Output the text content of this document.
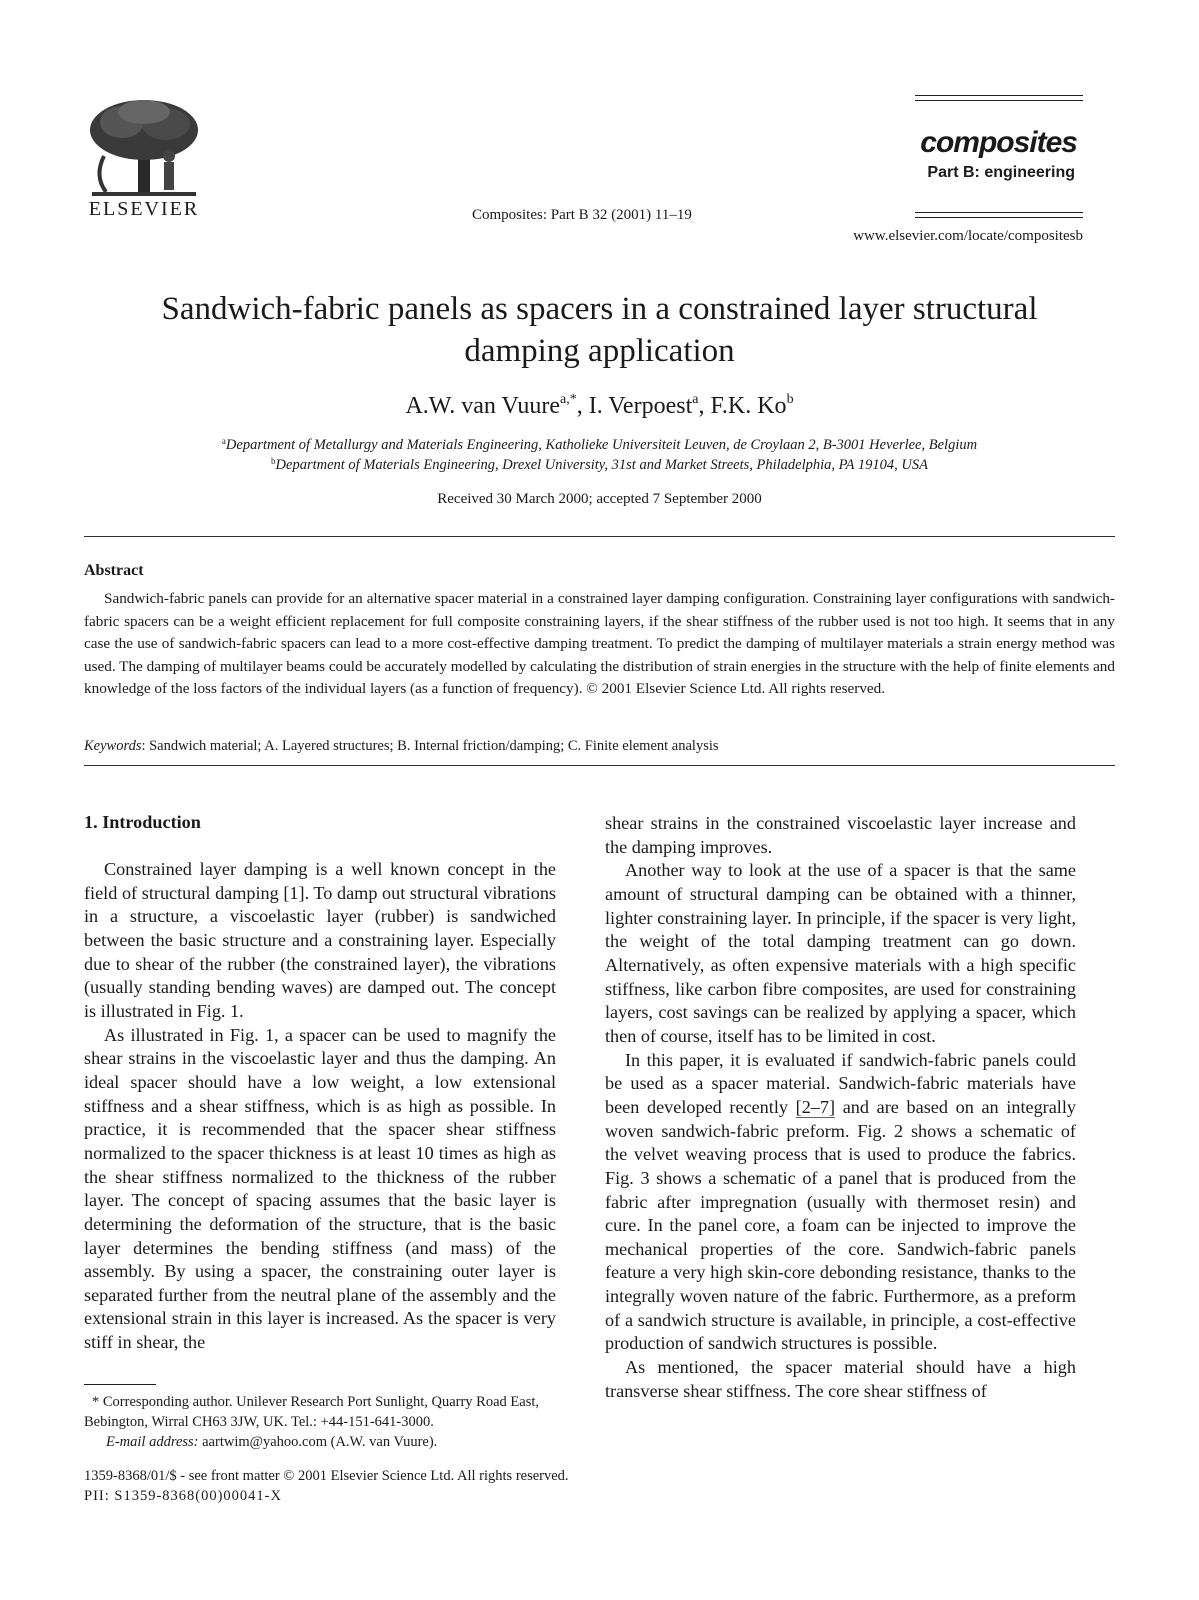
ELSEVIER	Composites: Part B 32 (2001) 11–19
composites
Part B: engineering
www.elsevier.com/locate/compositesb
Sandwich-fabric panels as spacers in a constrained layer structural
damping application
A.W. van Vuure$^{a,*}$, I. Verpoest$^a$, F.K. Ko$^b$
$^a$Department of Metallurgy and Materials Engineering, Katholieke Universiteit Leuven, de Croylaan 2, B-3001 Heverlee, Belgium
$^b$Department of Materials Engineering, Drexel University, 31st and Market Streets, Philadelphia, PA 19104, USA
Received 30 March 2000; accepted 7 September 2000
Abstract
Sandwich-fabric panels can provide for an alternative spacer material in a constrained layer damping configuration. Constraining layer configurations with sandwich-fabric spacers can be a weight efficient replacement for full composite constraining layers, if the shear stiffness of the rubber used is not too high. It seems that in any case the use of sandwich-fabric spacers can lead to a more cost-effective damping treatment. To predict the damping of multilayer materials a strain energy method was used. The damping of multilayer beams could be accurately modelled by calculating the distribution of strain energies in the structure with the help of finite elements and knowledge of the loss factors of the individual layers (as a function of frequency). © 2001 Elsevier Science Ltd. All rights reserved.
Keywords: Sandwich material; A. Layered structures; B. Internal friction/damping; C. Finite element analysis
1. Introduction

Constrained layer damping is a well known concept in the field of structural damping [1]. To damp out structural vibrations in a structure, a viscoelastic layer (rubber) is sandwiched between the basic structure and a constraining layer. Especially due to shear of the rubber (the constrained layer), the vibrations (usually standing bending waves) are damped out. The concept is illustrated in Fig. 1.

As illustrated in Fig. 1, a spacer can be used to magnify the shear strains in the viscoelastic layer and thus the damping. An ideal spacer should have a low weight, a low extensional stiffness and a shear stiffness, which is as high as possible. In practice, it is recommended that the spacer shear stiffness normalized to the spacer thickness is at least 10 times as high as the shear stiffness normalized to the thickness of the rubber layer. The concept of spacing assumes that the basic layer is determining the deformation of the structure, that is the basic layer determines the bending stiffness (and mass) of the assembly. By using a spacer, the constraining outer layer is separated further from the neutral plane of the assembly and the extensional strain in this layer is increased. As the spacer is very stiff in shear, the

shear strains in the constrained viscoelastic layer increase and the damping improves.

Another way to look at the use of a spacer is that the same amount of structural damping can be obtained with a thinner, lighter constraining layer. In principle, if the spacer is very light, the weight of the total damping treatment can go down. Alternatively, as often expensive materials with a high specific stiffness, like carbon fibre composites, are used for constraining layers, cost savings can be realized by applying a spacer, which then of course, itself has to be limited in cost.

In this paper, it is evaluated if sandwich-fabric panels could be used as a spacer material. Sandwich-fabric materials have been developed recently [2–7] and are based on an integrally woven sandwich-fabric preform. Fig. 2 shows a schematic of the velvet weaving process that is used to produce the fabrics. Fig. 3 shows a schematic of a panel that is produced from the fabric after impregnation (usually with thermoset resin) and cure. In the panel core, a foam can be injected to improve the mechanical properties of the core. Sandwich-fabric panels feature a very high skin-core debonding resistance, thanks to the integrally woven nature of the fabric. Furthermore, as a preform of a sandwich structure is available, in principle, a cost-effective production of sandwich structures is possible.

As mentioned, the spacer material should have a high transverse shear stiffness. The core shear stiffness of

* Corresponding author. Unilever Research Port Sunlight, Quarry Road East, Bebington, Wirral CH63 3JW, UK. Tel.: +44-151-641-3000.

E-mail address: aartwim@yahoo.com (A.W. van Vuure).

1359-8368/01/$ - see front matter © 2001 Elsevier Science Ltd. All rights reserved.

PII: S1359-8368(00)00041-X
